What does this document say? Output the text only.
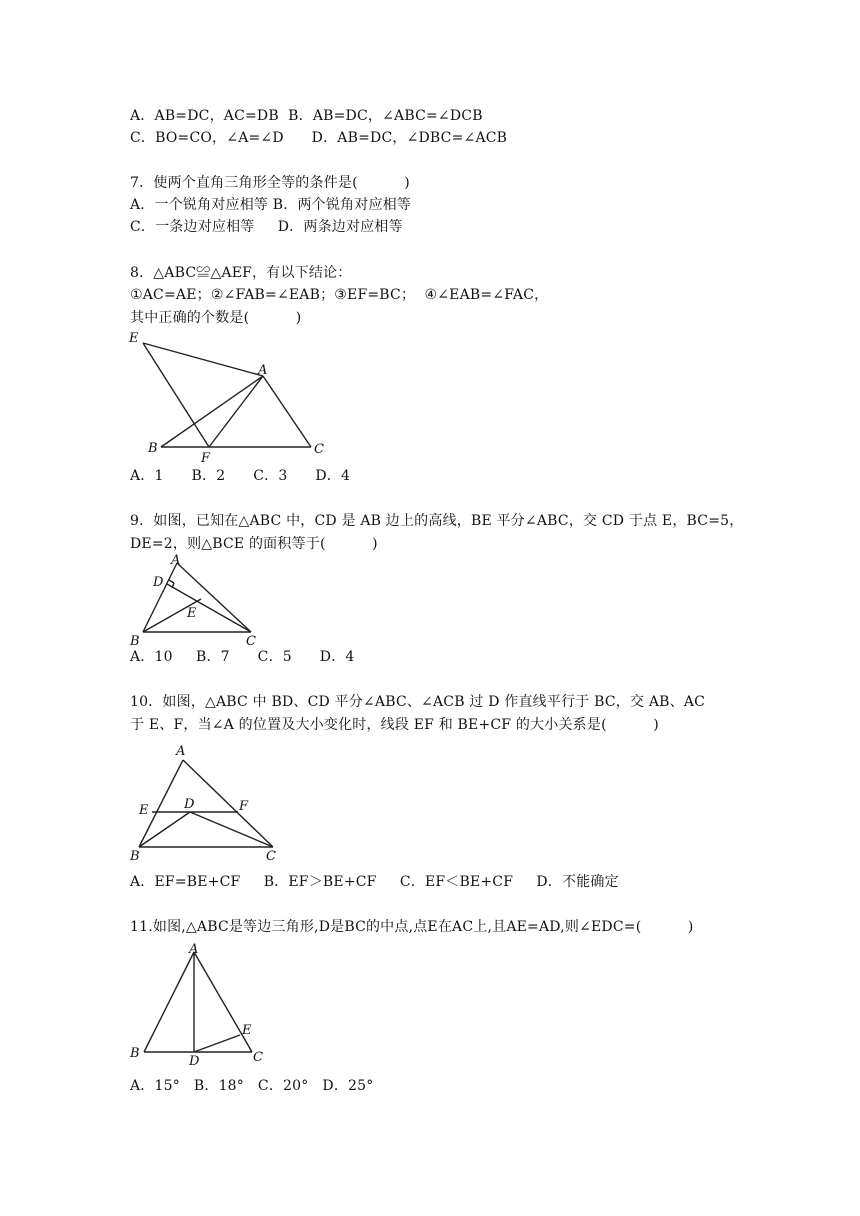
A．AB=DC，AC=DB  B．AB=DC，∠ABC=∠DCB
C．BO=CO，∠A=∠D      D．AB=DC，∠DBC=∠ACB
7．使两个直角三角形全等的条件是(          )
A．一个锐角对应相等 B．两个锐角对应相等
C．一条边对应相等     D．两条边对应相等
8．△ABC≌△AEF，有以下结论：
①AC=AE；②∠FAB=∠EAB；③EF=BC；  ④∠EAB=∠FAC，
其中正确的个数是(          )
E
A
B
F
C
A．1      B．2      C．3      D．4
9．如图，已知在△ABC 中，CD 是 AB 边上的高线，BE 平分∠ABC，交 CD 于点 E，BC=5，
DE=2，则△BCE 的面积等于(          )
A
D
E
B	C
A．10     B．7      C．5      D．4
10．如图，△ABC 中 BD、CD 平分∠ABC、∠ACB 过 D 作直线平行于 BC，交 AB、AC
于 E、F，当∠A 的位置及大小变化时，线段 EF 和 BE+CF 的大小关系是(          )
A
E	D	F
B	C
A．EF=BE+CF     B．EF＞BE+CF     C．EF＜BE+CF     D．不能确定
11.如图,△ABC是等边三角形,D是BC的中点,点E在AC上,且AE=AD,则∠EDC=(          )
A
E
B
D	C
A．15°   B．18°   C．20°   D．25°
